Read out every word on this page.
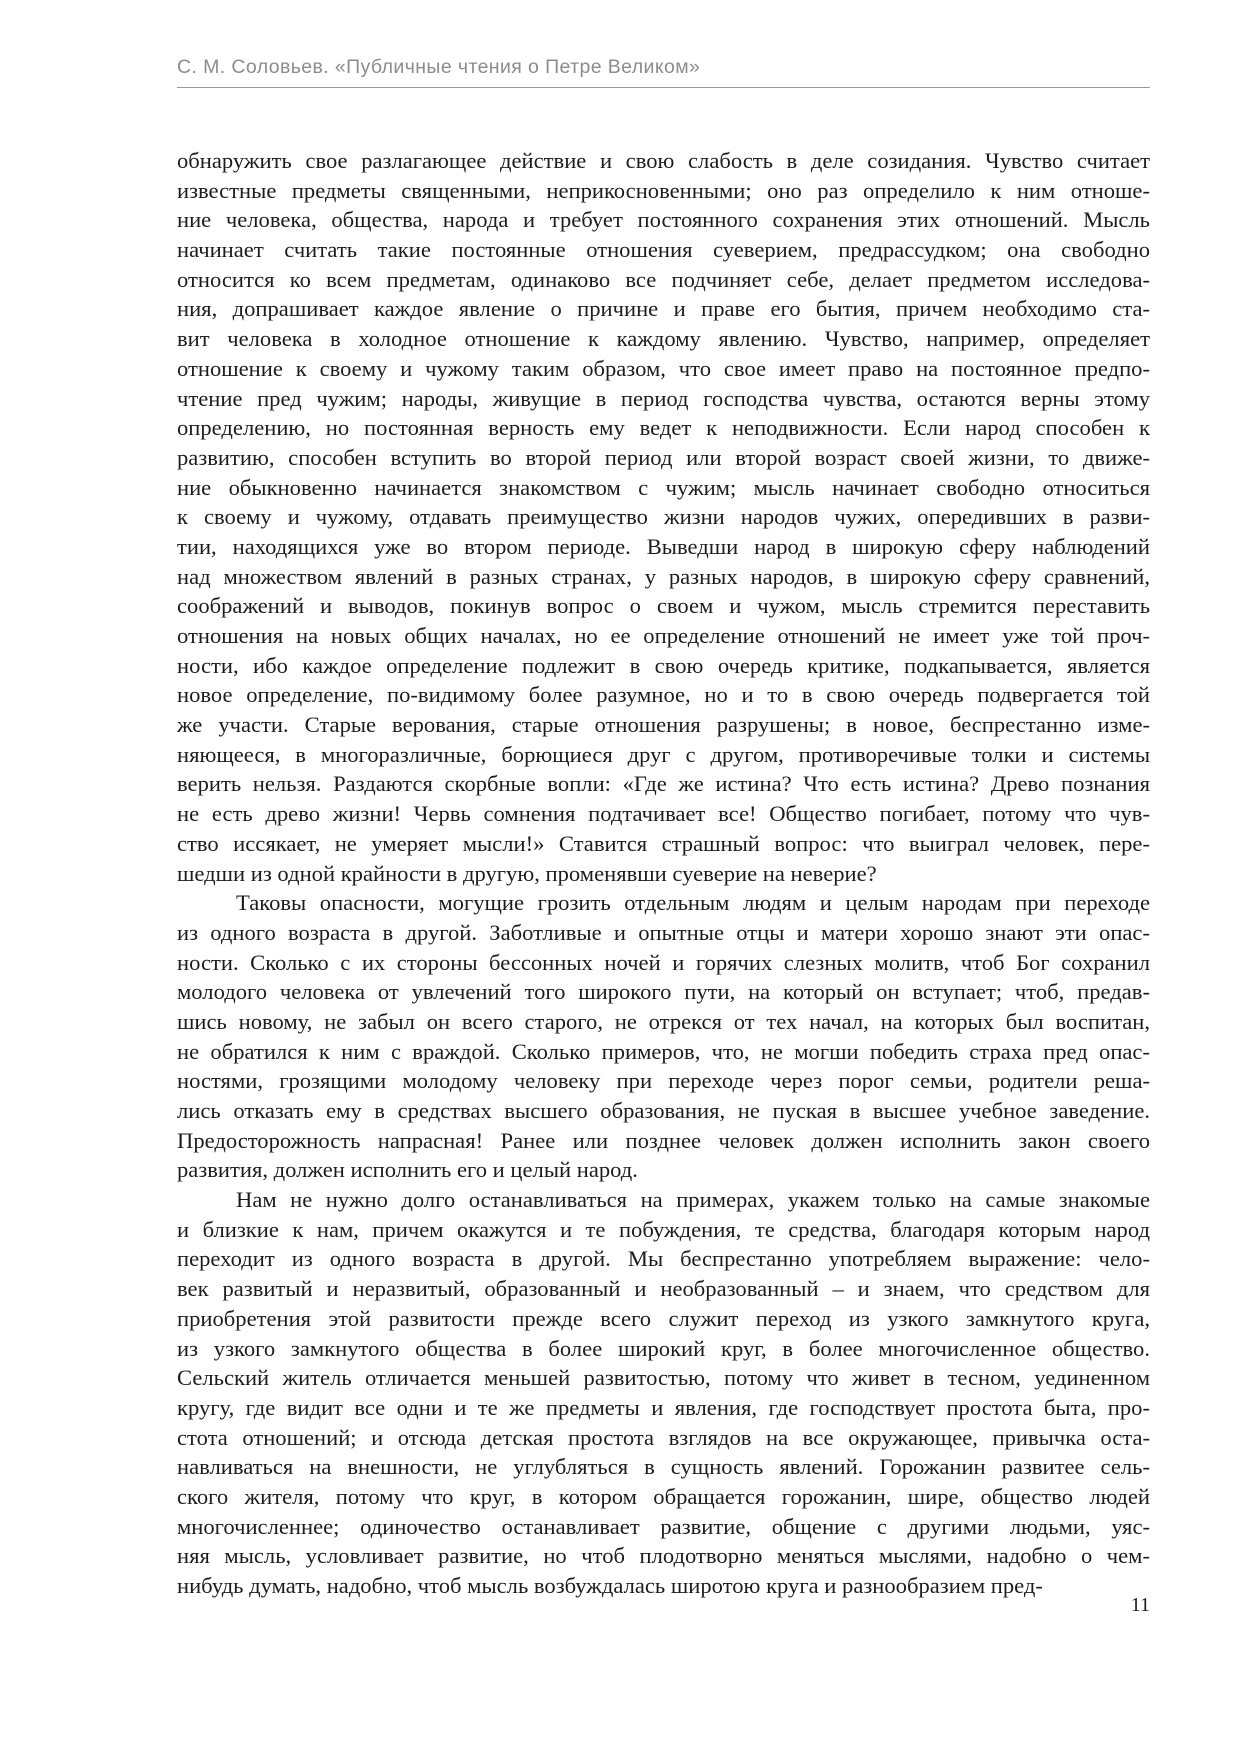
С. М. Соловьев. «Публичные чтения о Петре Великом»
обнаружить свое разлагающее действие и свою слабость в деле созидания. Чувство считает
известные предметы священными, неприкосновенными; оно раз определило к ним отноше-
ние человека, общества, народа и требует постоянного сохранения этих отношений. Мысль
начинает считать такие постоянные отношения суеверием, предрассудком; она свободно
относится ко всем предметам, одинаково все подчиняет себе, делает предметом исследова-
ния, допрашивает каждое явление о причине и праве его бытия, причем необходимо ста-
вит человека в холодное отношение к каждому явлению. Чувство, например, определяет
отношение к своему и чужому таким образом, что свое имеет право на постоянное предпо-
чтение пред чужим; народы, живущие в период господства чувства, остаются верны этому
определению, но постоянная верность ему ведет к неподвижности. Если народ способен к
развитию, способен вступить во второй период или второй возраст своей жизни, то движе-
ние обыкновенно начинается знакомством с чужим; мысль начинает свободно относиться
к своему и чужому, отдавать преимущество жизни народов чужих, опередивших в разви-
тии, находящихся уже во втором периоде. Выведши народ в широкую сферу наблюдений
над множеством явлений в разных странах, у разных народов, в широкую сферу сравнений,
соображений и выводов, покинув вопрос о своем и чужом, мысль стремится переставить
отношения на новых общих началах, но ее определение отношений не имеет уже той проч-
ности, ибо каждое определение подлежит в свою очередь критике, подкапывается, является
новое определение, по-видимому более разумное, но и то в свою очередь подвергается той
же участи. Старые верования, старые отношения разрушены; в новое, беспрестанно изме-
няющееся, в многоразличные, борющиеся друг с другом, противоречивые толки и системы
верить нельзя. Раздаются скорбные вопли: «Где же истина? Что есть истина? Древо познания
не есть древо жизни! Червь сомнения подтачивает все! Общество погибает, потому что чув-
ство иссякает, не умеряет мысли!» Ставится страшный вопрос: что выиграл человек, пере-
шедши из одной крайности в другую, променявши суеверие на неверие?
Таковы опасности, могущие грозить отдельным людям и целым народам при переходе
из одного возраста в другой. Заботливые и опытные отцы и матери хорошо знают эти опас-
ности. Сколько с их стороны бессонных ночей и горячих слезных молитв, чтоб Бог сохранил
молодого человека от увлечений того широкого пути, на который он вступает; чтоб, предав-
шись новому, не забыл он всего старого, не отрекся от тех начал, на которых был воспитан,
не обратился к ним с враждой. Сколько примеров, что, не могши победить страха пред опас-
ностями, грозящими молодому человеку при переходе через порог семьи, родители реша-
лись отказать ему в средствах высшего образования, не пуская в высшее учебное заведение.
Предосторожность напрасная! Ранее или позднее человек должен исполнить закон своего
развития, должен исполнить его и целый народ.
Нам не нужно долго останавливаться на примерах, укажем только на самые знакомые
и близкие к нам, причем окажутся и те побуждения, те средства, благодаря которым народ
переходит из одного возраста в другой. Мы беспрестанно употребляем выражение: чело-
век развитый и неразвитый, образованный и необразованный – и знаем, что средством для
приобретения этой развитости прежде всего служит переход из узкого замкнутого круга,
из узкого замкнутого общества в более широкий круг, в более многочисленное общество.
Сельский житель отличается меньшей развитостью, потому что живет в тесном, уединенном
кругу, где видит все одни и те же предметы и явления, где господствует простота быта, про-
стота отношений; и отсюда детская простота взглядов на все окружающее, привычка оста-
навливаться на внешности, не углубляться в сущность явлений. Горожанин развитее сель-
ского жителя, потому что круг, в котором обращается горожанин, шире, общество людей
многочисленнее; одиночество останавливает развитие, общение с другими людьми, уяс-
няя мысль, условливает развитие, но чтоб плодотворно меняться мыслями, надобно о чем-
нибудь думать, надобно, чтоб мысль возбуждалась широтою круга и разнообразием пред-
11
